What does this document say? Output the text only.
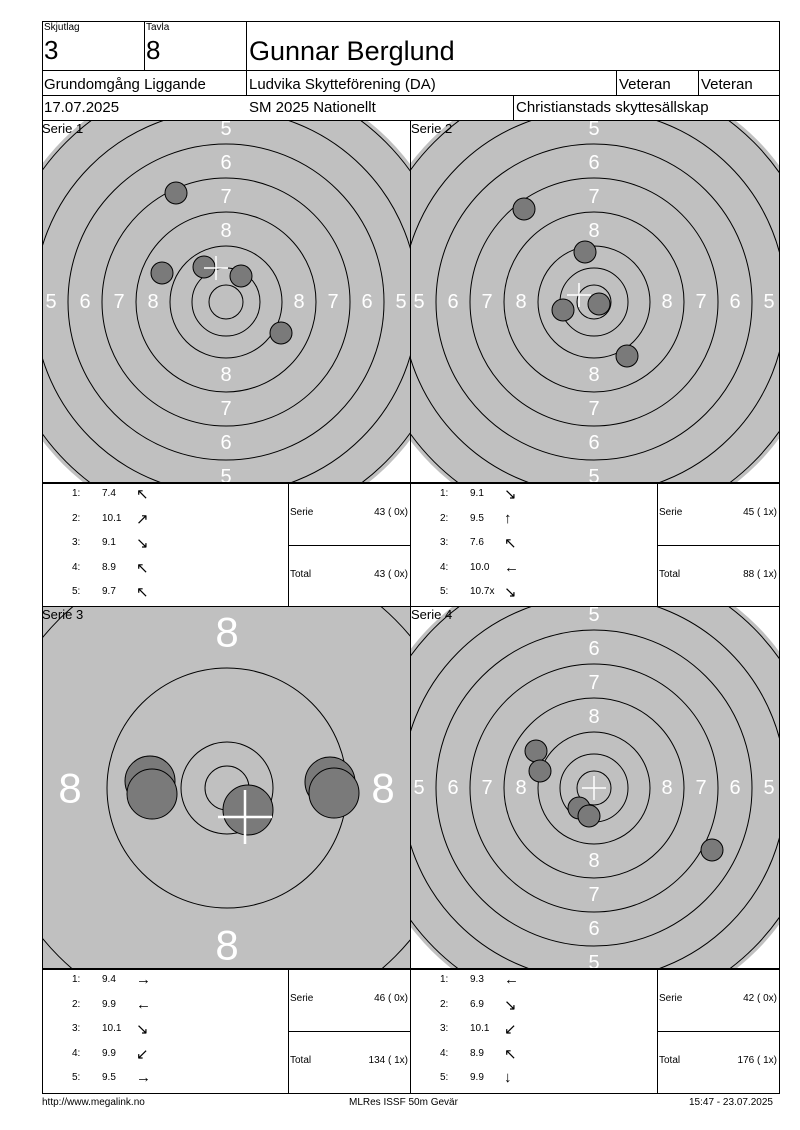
Skjutlag
3
Tavla
8	Gunnar Berglund
Grundomgång Liggande	Ludvika Skytteförening (DA)	Veteran Veteran
17.07.2025	SM 2025 Nationellt	Christianstads skyttesällskap
5	5
5
5
6	6
6
6
7	7
7
7
8	8
8
8
5	5
5
5
6	6
6
6
7	7
7
7
8	8
8
8
8
8
8	8 5	5
5
5
6	6
6
6
7	7
7
7
8	8
8
8
Serie 1	Serie 2
Serie 3	Serie 4
1: 7.4 ↖
2: 10.1 ↗
3: 9.1 ↘
4: 8.9 ↖
5: 9.7 ↖
Serie	43 ( 0x)
Total	43 ( 0x)
1: 9.1 ↘
2: 9.5 ↑
3: 7.6 ↖
4: 10.0 ←
5: 10.7x ↘
Serie	45 ( 1x)
Total	88 ( 1x)
1: 9.4 →
2: 9.9 ←
3: 10.1 ↘
4: 9.9 ↙
5: 9.5 →
Serie	46 ( 0x)
Total	134 ( 1x)
1: 9.3 ←
2: 6.9 ↘
3: 10.1 ↙
4: 8.9 ↖
5: 9.9 ↓
Serie	42 ( 0x)
Total	176 ( 1x)
http://www.megalink.no	MLRes ISSF 50m Gevär	15:47 - 23.07.2025
